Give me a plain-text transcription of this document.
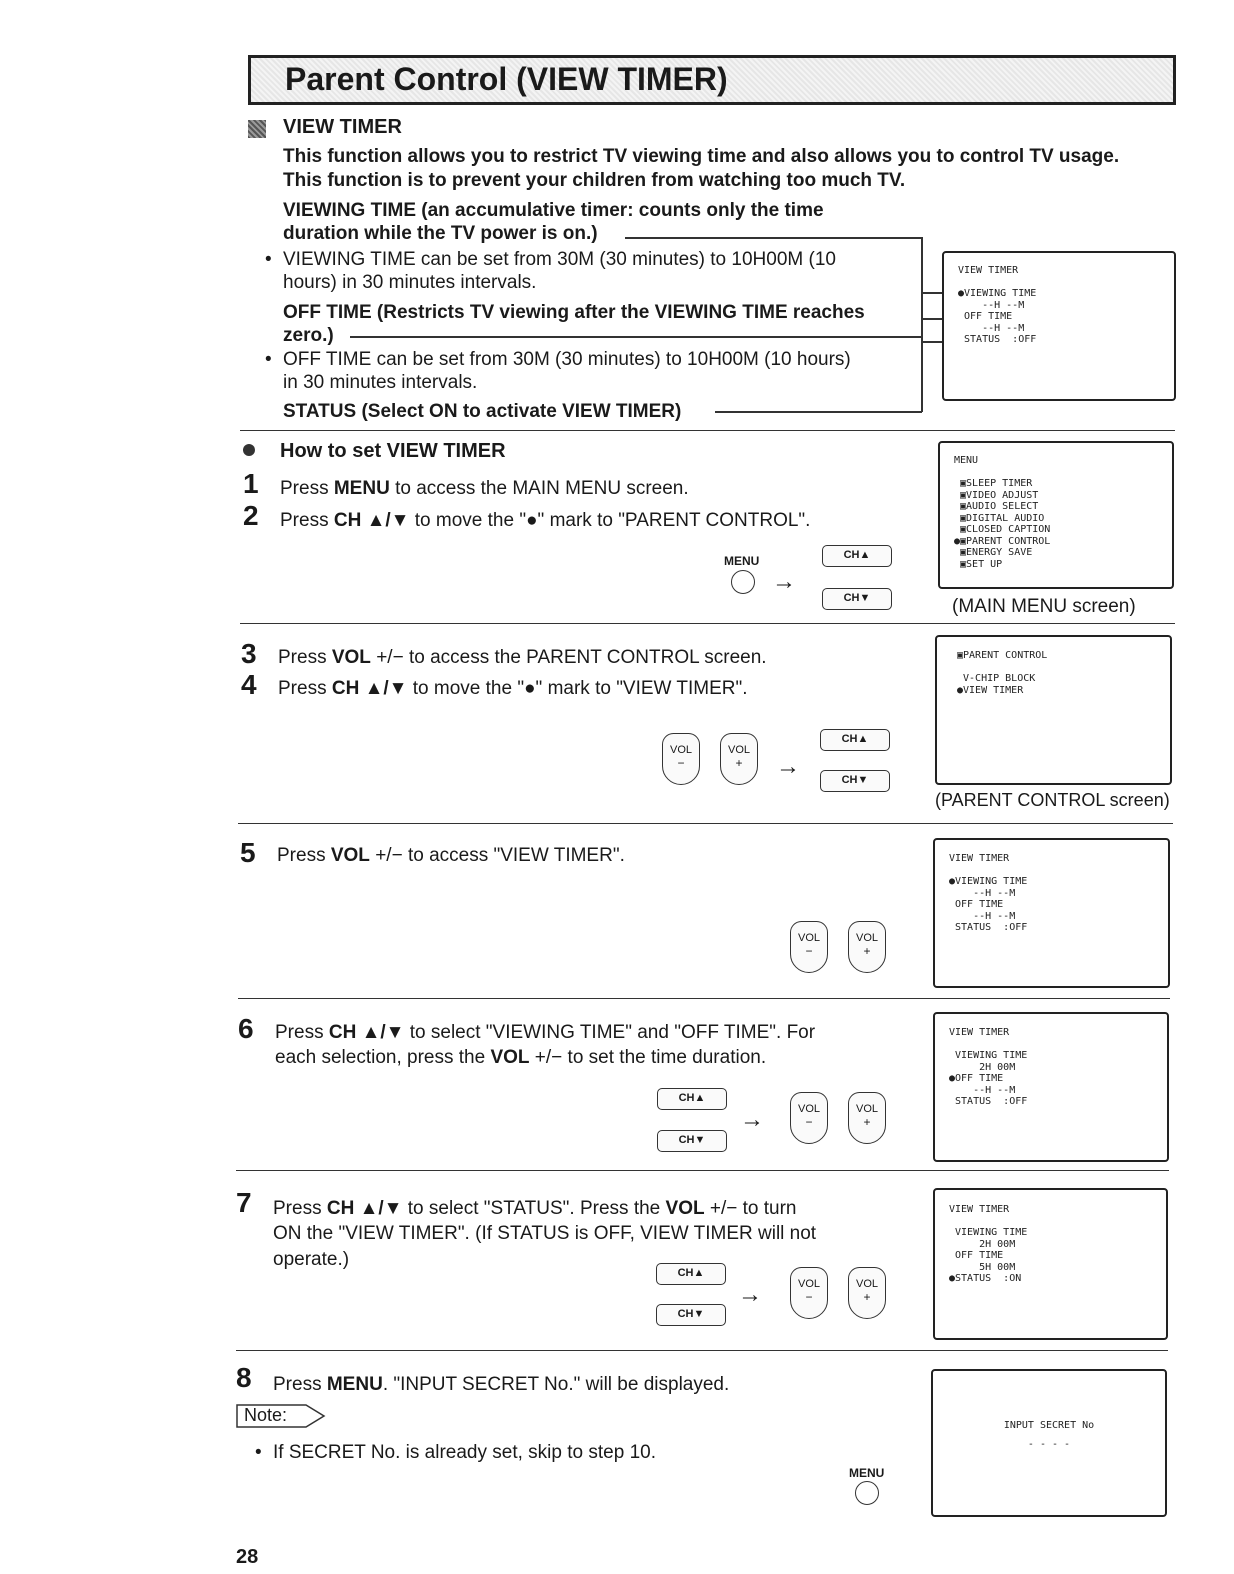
Parent Control (VIEW TIMER)
VIEW TIMER
This function allows you to restrict TV viewing time and also allows you to control TV usage.
This function is to prevent your children from watching too much TV.
VIEWING TIME (an accumulative timer: counts only the time
duration while the TV power is on.)
• VIEWING TIME can be set from 30M (30 minutes) to 10H00M (10
hours) in 30 minutes intervals.
OFF TIME (Restricts TV viewing after the VIEWING TIME reaches
zero.)
• OFF TIME can be set from 30M (30 minutes) to 10H00M (10 hours)
in 30 minutes intervals.
STATUS (Select ON to activate VIEW TIMER)
VIEW TIMER

●VIEWING TIME
--H --M
OFF TIME
--H --M
STATUS  :OFF
How to set VIEW TIMER
1 Press MENU to access the MAIN MENU screen.
2 Press CH ▲/▼ to move the "●" mark to "PARENT CONTROL".
MENU
→
CH▲
CH▼
MENU

▣SLEEP TIMER
▣VIDEO ADJUST
▣AUDIO SELECT
▣DIGITAL AUDIO
▣CLOSED CAPTION
●▣PARENT CONTROL
▣ENERGY SAVE
▣SET UP
(MAIN MENU screen)
3 Press VOL +/− to access the PARENT CONTROL screen.
4 Press CH ▲/▼ to move the "●" mark to "VIEW TIMER".
VOL
−
VOL
+	→
CH▲
CH▼
▣PARENT CONTROL

V-CHIP BLOCK
●VIEW TIMER
(PARENT CONTROL screen)
5 Press VOL +/− to access "VIEW TIMER".
VOL
−
VOL
+
VIEW TIMER

●VIEWING TIME
--H --M
OFF TIME
--H --M
STATUS  :OFF
6 Press CH ▲/▼ to select "VIEWING TIME" and "OFF TIME". For
each selection, press the VOL +/− to set the time duration.
CH▲
CH▼
→	VOL
−
VOL
+
VIEW TIMER

VIEWING TIME
2H 00M
●OFF TIME
--H --M
STATUS  :OFF
7 Press CH ▲/▼ to select "STATUS". Press the VOL +/− to turn
ON the "VIEW TIMER". (If STATUS is OFF, VIEW TIMER will not
operate.)
CH▲
CH▼
→	VOL
−
VOL
+
VIEW TIMER

VIEWING TIME
2H 00M
OFF TIME
5H 00M
●STATUS  :ON
8 Press MENU. "INPUT SECRET No." will be displayed.
Note:
• If SECRET No. is already set, skip to step 10.
MENU
INPUT SECRET No
- - - -
28
